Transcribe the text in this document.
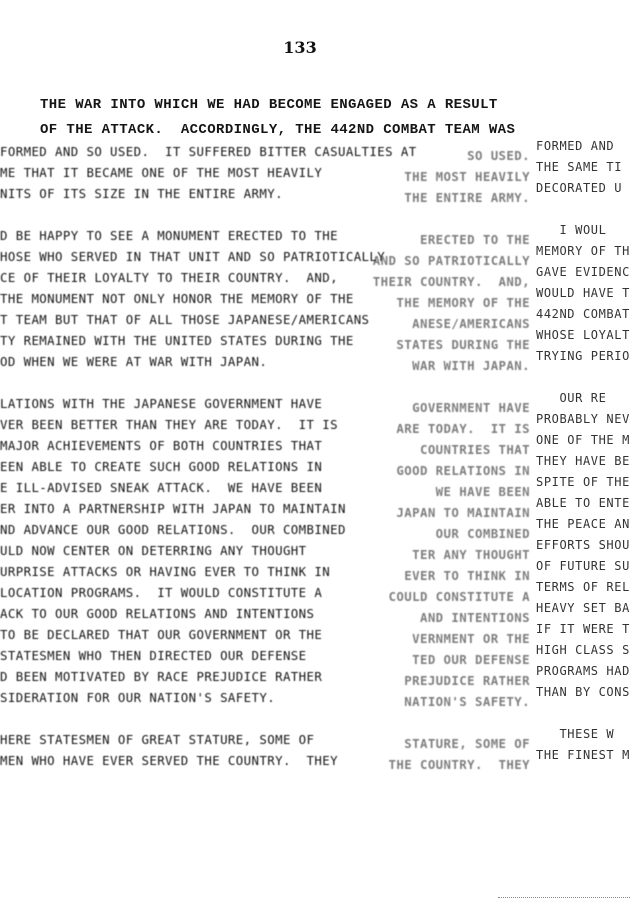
133
THE WAR INTO WHICH WE HAD BECOME ENGAGED AS A RESULT
OF THE ATTACK.  ACCORDINGLY, THE 442ND COMBAT TEAM WAS
SO USED.
FORMED AND SO USED.  IT SUFFERED BITTER CASUALTIES AT
THE MOST HEAVILY
ME THAT IT BECAME ONE OF THE MOST HEAVILY
THE ENTIRE ARMY.
NITS OF ITS SIZE IN THE ENTIRE ARMY.
ERECTED TO THE
D BE HAPPY TO SEE A MONUMENT ERECTED TO THE
AND SO PATRIOTICALLY
HOSE WHO SERVED IN THAT UNIT AND SO PATRIOTICALLY
THEIR COUNTRY.  AND,
CE OF THEIR LOYALTY TO THEIR COUNTRY.  AND,
THE MEMORY OF THE
THE MONUMENT NOT ONLY HONOR THE MEMORY OF THE
ANESE/AMERICANS
T TEAM BUT THAT OF ALL THOSE JAPANESE/AMERICANS
STATES DURING THE
TY REMAINED WITH THE UNITED STATES DURING THE
WAR WITH JAPAN.
OD WHEN WE WERE AT WAR WITH JAPAN.
GOVERNMENT HAVE
LATIONS WITH THE JAPANESE GOVERNMENT HAVE
ARE TODAY.  IT IS
VER BEEN BETTER THAN THEY ARE TODAY.  IT IS
COUNTRIES THAT
MAJOR ACHIEVEMENTS OF BOTH COUNTRIES THAT
GOOD RELATIONS IN
EEN ABLE TO CREATE SUCH GOOD RELATIONS IN
WE HAVE BEEN
E ILL-ADVISED SNEAK ATTACK.  WE HAVE BEEN
JAPAN TO MAINTAIN
ER INTO A PARTNERSHIP WITH JAPAN TO MAINTAIN
OUR COMBINED
ND ADVANCE OUR GOOD RELATIONS.  OUR COMBINED
TER ANY THOUGHT
ULD NOW CENTER ON DETERRING ANY THOUGHT
EVER TO THINK IN
URPRISE ATTACKS OR HAVING EVER TO THINK IN
COULD CONSTITUTE A
LOCATION PROGRAMS.  IT WOULD CONSTITUTE A
AND INTENTIONS
ACK TO OUR GOOD RELATIONS AND INTENTIONS
VERNMENT OR THE
TO BE DECLARED THAT OUR GOVERNMENT OR THE
TED OUR DEFENSE
STATESMEN WHO THEN DIRECTED OUR DEFENSE
PREJUDICE RATHER
D BEEN MOTIVATED BY RACE PREJUDICE RATHER
NATION'S SAFETY.
SIDERATION FOR OUR NATION'S SAFETY.
STATURE, SOME OF
HERE STATESMEN OF GREAT STATURE, SOME OF
THE COUNTRY.  THEY
MEN WHO HAVE EVER SERVED THE COUNTRY.  THEY
FORMED AND
THE SAME TI
DECORATED U
I WOUL
MEMORY OF TH
GAVE EVIDENC
WOULD HAVE T
442ND COMBAT
WHOSE LOYALT
TRYING PERIO
OUR RE
PROBABLY NEV
ONE OF THE M
THEY HAVE BE
SPITE OF THE
ABLE TO ENTE
THE PEACE AN
EFFORTS SHOU
OF FUTURE SU
TERMS OF REL
HEAVY SET BA
IF IT WERE T
HIGH CLASS S
PROGRAMS HAD
THAN BY CONS
THESE W
THE FINEST M
